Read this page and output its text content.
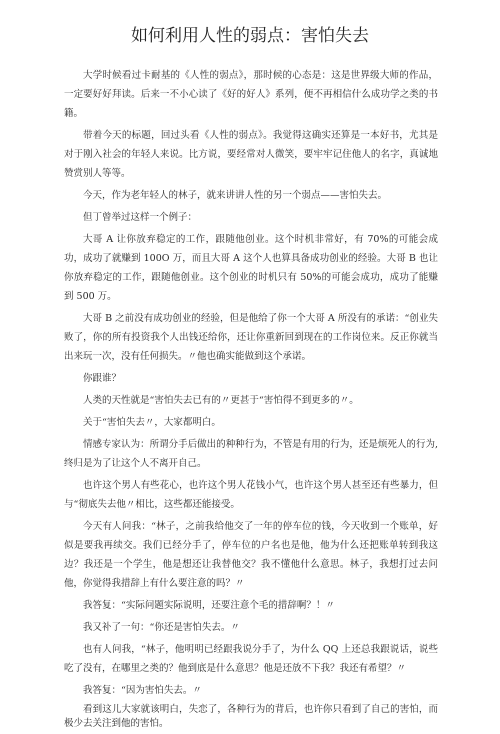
如何利用人性的弱点：害怕失去

大学时候看过卡耐基的《人性的弱点》，那时候的心态是：这是世界级大师的作品，一定要好好拜读。后来一不小心读了《好的好人》系列，便不再相信什么成功学之类的书籍。

带着今天的标题，回过头看《人性的弱点》。我觉得这确实还算是一本好书，尤其是对于刚入社会的年轻人来说。比方说，要经常对人微笑，要牢牢记住他人的名字，真诚地赞赏别人等等。

今天，作为老年轻人的林子，就来讲讲人性的另一个弱点——害怕失去。

但丁曾举过这样一个例子：

大哥 A 让你放弃稳定的工作，跟随他创业。这个时机非常好，有 70%的可能会成功，成功了就赚到 100O 万，而且大哥 A 这个人也算具备成功创业的经验。大哥 B 也让你放弃稳定的工作，跟随他创业。这个创业的时机只有 50%的可能会成功，成功了能赚到 500 万。

大哥 B 之前没有成功创业的经验，但是他给了你一个大哥 A 所没有的承诺：“创业失败了，你的所有投资我个人出钱还给你，还让你重新回到现在的工作岗位来。反正你就当出来玩一次，没有任何损失。〃他也确实能做到这个承诺。

你跟谁？

人类的天性就是“害怕失去已有的〃更甚于“害怕得不到更多的〃。

关于“害怕失去〃，大家都明白。

情感专家认为：所谓分手后做出的种种行为，不管是有用的行为，还是烦死人的行为,终归是为了让这个人不离开自己。

也许这个男人有些花心，也许这个男人花钱小气，也许这个男人甚至还有些暴力，但与“彻底失去他〃相比，这些都还能接受。

今天有人问我：“林子，之前我给他交了一年的停车位的钱，今天收到一个账单，好似是要我再续交。我们已经分手了，停车位的户名也是他，他为什么还把账单转到我这边？我还是一个学生，他是想还让我替他交？我不懂他什么意思。林子，我想打过去问他，你觉得我措辞上有什么要注意的吗？〃

我答复：“实际问题实际说明，还要注意个毛的措辞啊？！〃

我又补了一句：“你还是害怕失去。〃

也有人问我，“林子，他明明已经跟我说分手了，为什么 QQ 上还总我跟说话，说些吃了没有，在哪里之类的？他到底是什么意思？他是还放不下我？我还有希望？〃

我答复：“因为害怕失去。〃

看到这儿大家就该明白，失恋了，各种行为的背后，也许你只看到了自己的害怕，而极少去关注到他的害怕。
